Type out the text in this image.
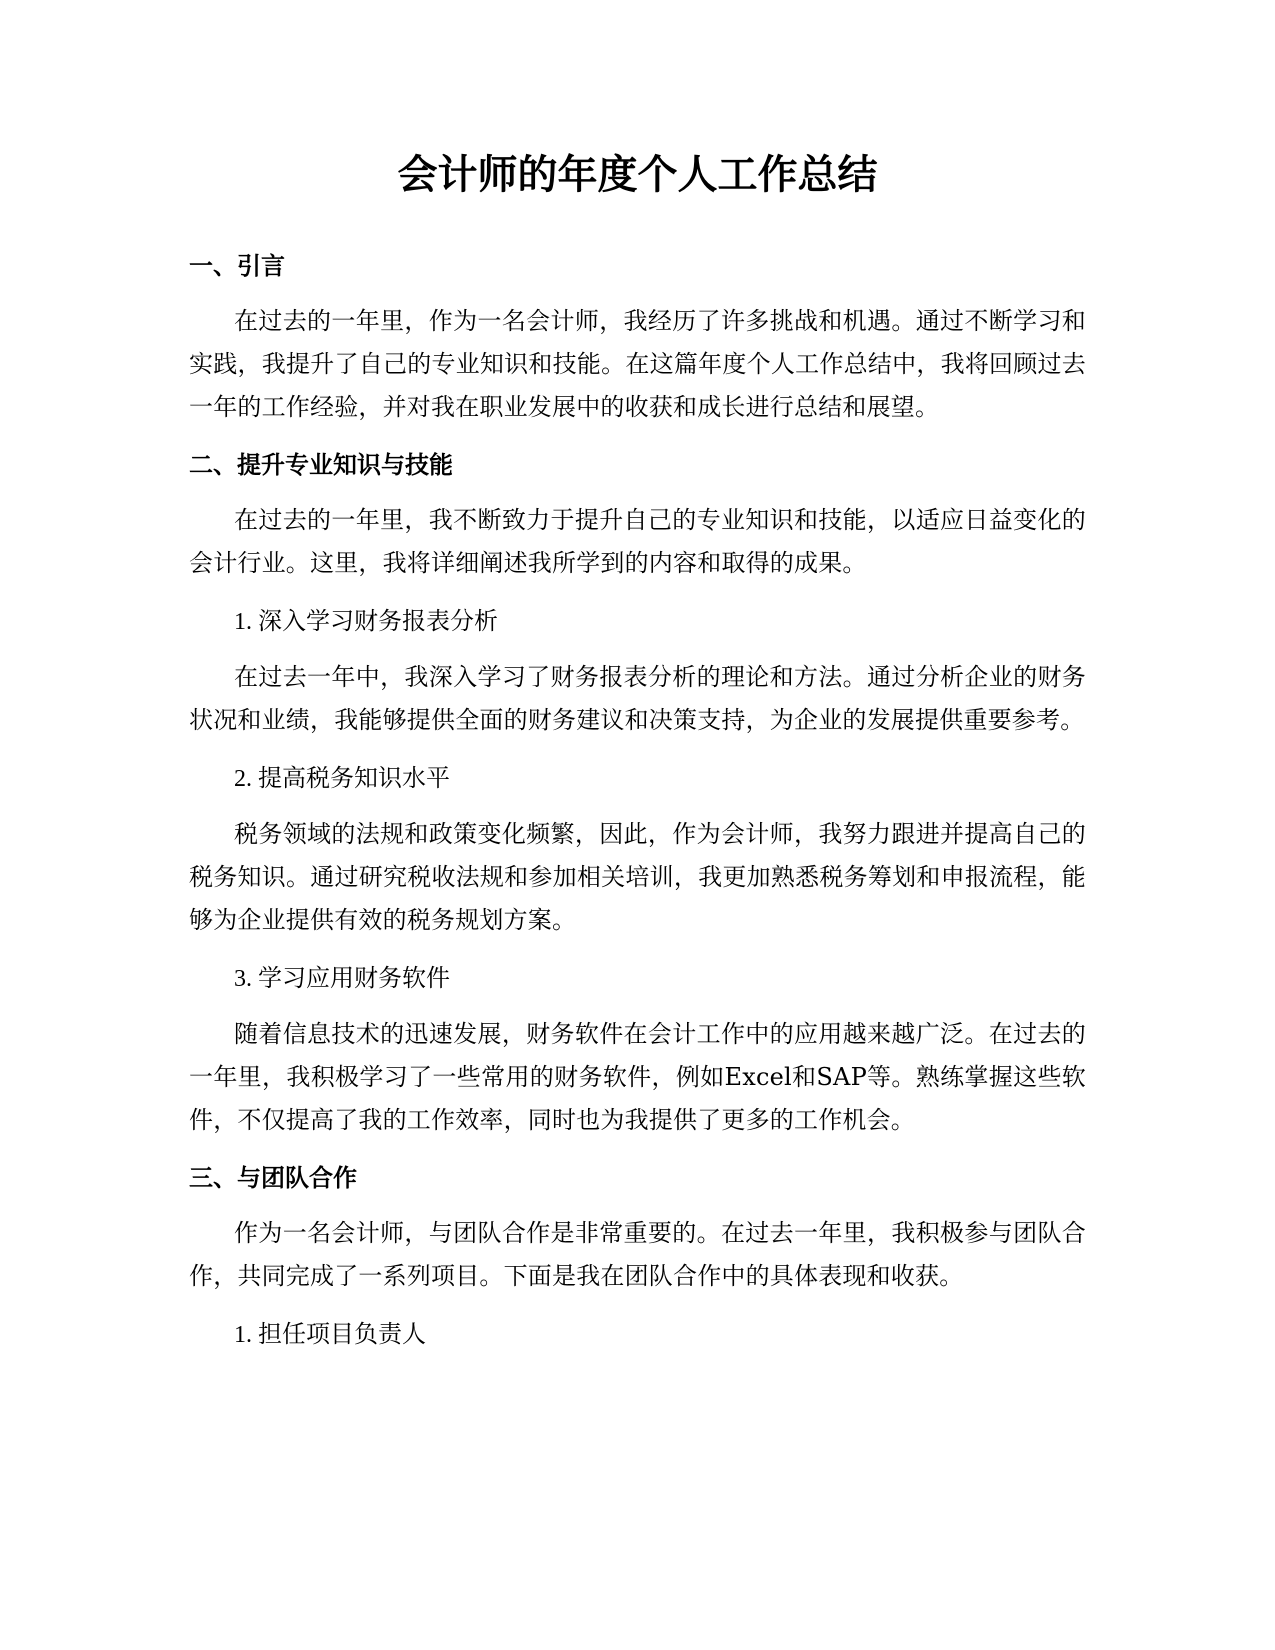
会计师的年度个人工作总结
一、引言

在过去的一年里，作为一名会计师，我经历了许多挑战和机遇。通过不断学习和实践，我提升了自己的专业知识和技能。在这篇年度个人工作总结中，我将回顾过去一年的工作经验，并对我在职业发展中的收获和成长进行总结和展望。

二、提升专业知识与技能

在过去的一年里，我不断致力于提升自己的专业知识和技能，以适应日益变化的会计行业。这里，我将详细阐述我所学到的内容和取得的成果。

1. 深入学习财务报表分析

在过去一年中，我深入学习了财务报表分析的理论和方法。通过分析企业的财务状况和业绩，我能够提供全面的财务建议和决策支持，为企业的发展提供重要参考。

2. 提高税务知识水平

税务领域的法规和政策变化频繁，因此，作为会计师，我努力跟进并提高自己的税务知识。通过研究税收法规和参加相关培训，我更加熟悉税务筹划和申报流程，能够为企业提供有效的税务规划方案。

3. 学习应用财务软件

随着信息技术的迅速发展，财务软件在会计工作中的应用越来越广泛。在过去的一年里，我积极学习了一些常用的财务软件，例如Excel和SAP等。熟练掌握这些软件，不仅提高了我的工作效率，同时也为我提供了更多的工作机会。

三、与团队合作

作为一名会计师，与团队合作是非常重要的。在过去一年里，我积极参与团队合作，共同完成了一系列项目。下面是我在团队合作中的具体表现和收获。

1. 担任项目负责人
